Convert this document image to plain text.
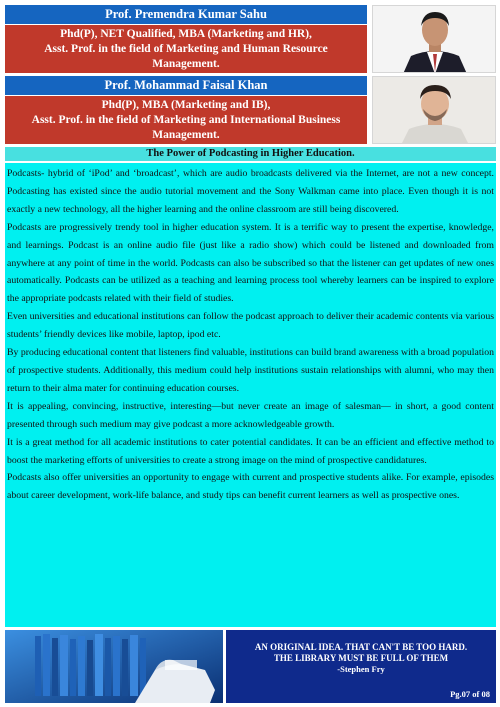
Prof. Premendra Kumar Sahu
Phd(P), NET Qualified, MBA (Marketing and HR),
Asst. Prof. in the field of Marketing and Human Resource Management.
Prof. Mohammad Faisal Khan
Phd(P), MBA (Marketing and IB),
Asst. Prof. in the field of Marketing and International Business Management.
The Power of Podcasting in Higher Education.

Podcasts- hybrid of ‘iPod’ and ‘broadcast’, which are audio broadcasts delivered via the Internet, are not a new concept. Podcasting has existed since the audio tutorial movement and the Sony Walkman came into place. Even though it is not exactly a new technology, all the higher learning and the online classroom are still being discovered.

Podcasts are progressively trendy tool in higher education system. It is a terrific way to present the expertise, knowledge, and learnings. Podcast is an online audio file (just like a radio show) which could be listened and downloaded from anywhere at any point of time in the world. Podcasts can also be subscribed so that the listener can get updates of new ones automatically. Podcasts can be utilized as a teaching and learning process tool whereby learners can be inspired to explore the appropriate podcasts related with their field of studies.

Even universities and educational institutions can follow the podcast approach to deliver their academic contents via various students’ friendly devices like mobile, laptop, ipod etc.

By producing educational content that listeners find valuable, institutions can build brand awareness with a broad population of prospective students. Additionally, this medium could help institutions sustain relationships with alumni, who may then return to their alma mater for continuing education courses.

It is appealing, convincing, instructive, interesting—but never create an image of salesman— in short, a good content presented through such medium may give podcast a more acknowledgeable growth.

It is a great method for all academic institutions to cater potential candidates. It can be an efficient and effective method to boost the marketing efforts of universities to create a strong image on the mind of prospective candidatures.

Podcasts also offer universities an opportunity to engage with current and prospective students alike. For example, episodes about career development, work-life balance, and study tips can benefit current learners as well as prospective ones.

AN ORIGINAL IDEA. THAT CAN'T BE TOO HARD.
THE LIBRARY MUST BE FULL OF THEM
-Stephen Fry
Pg.07 of 08
